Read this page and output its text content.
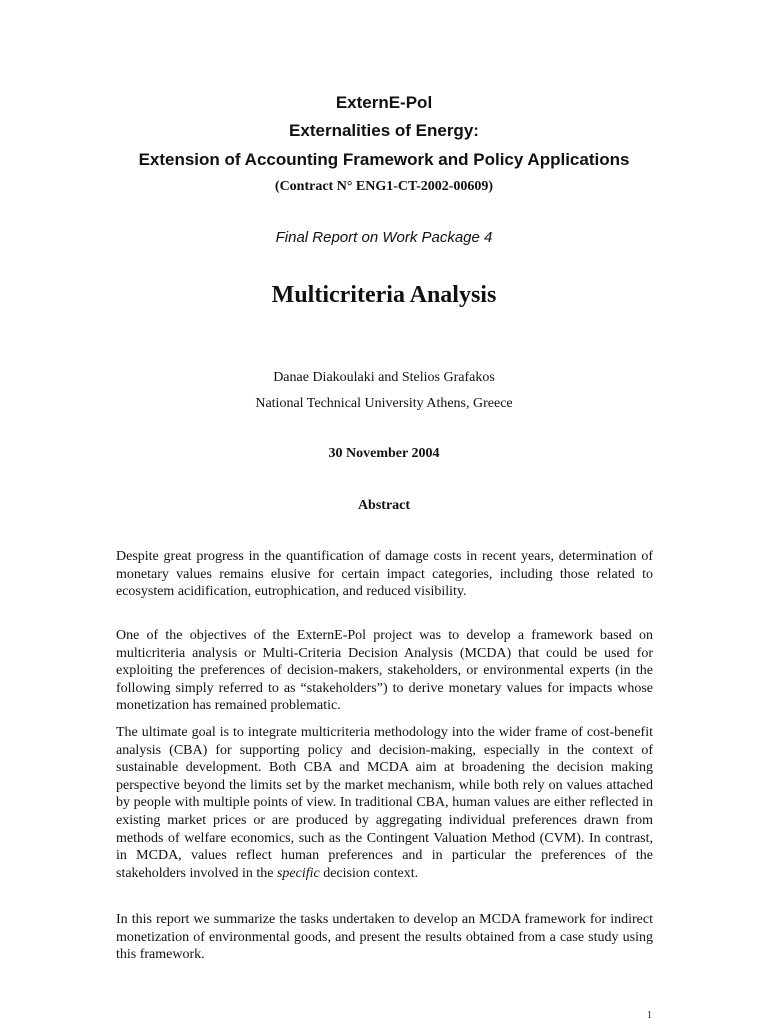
ExternE-Pol
Externalities of Energy:
Extension of Accounting Framework and Policy Applications
(Contract N° ENG1-CT-2002-00609)
Final Report on Work Package 4
Multicriteria Analysis
Danae Diakoulaki and Stelios Grafakos
National Technical University Athens, Greece
30 November 2004
Abstract

Despite great progress in the quantification of damage costs in recent years, determination of monetary values remains elusive for certain impact categories, including those related to ecosystem acidification, eutrophication, and reduced visibility.

One of the objectives of the ExternE-Pol project was to develop a framework based on multicriteria analysis or Multi-Criteria Decision Analysis (MCDA) that could be used for exploiting the preferences of decision-makers, stakeholders, or environmental experts (in the following simply referred to as “stakeholders”) to derive monetary values for impacts whose monetization has remained problematic.

The ultimate goal is to integrate multicriteria methodology into the wider frame of cost-benefit analysis (CBA) for supporting policy and decision-making, especially in the context of sustainable development. Both CBA and MCDA aim at broadening the decision making perspective beyond the limits set by the market mechanism, while both rely on values attached by people with multiple points of view. In traditional CBA, human values are either reflected in existing market prices or are produced by aggregating individual preferences drawn from methods of welfare economics, such as the Contingent Valuation Method (CVM). In contrast, in MCDA, values reflect human preferences and in particular the preferences of the stakeholders involved in the specific decision context.

In this report we summarize the tasks undertaken to develop an MCDA framework for indirect monetization of environmental goods, and present the results obtained from a case study using this framework.

1
